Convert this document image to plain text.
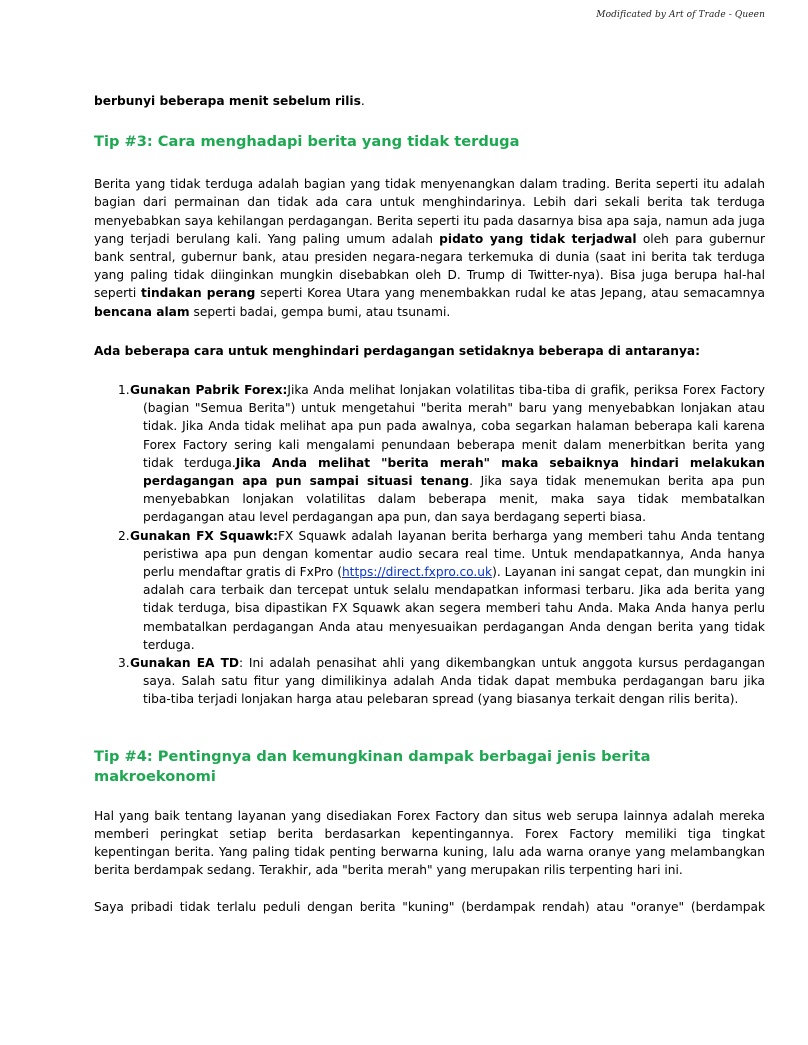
Modificated by Art of Trade - Queen

berbunyi beberapa menit sebelum rilis.

Tip #3: Cara menghadapi berita yang tidak terduga

Berita yang tidak terduga adalah bagian yang tidak menyenangkan dalam trading. Berita seperti itu adalah bagian dari permainan dan tidak ada cara untuk menghindarinya. Lebih dari sekali berita tak terduga menyebabkan saya kehilangan perdagangan. Berita seperti itu pada dasarnya bisa apa saja, namun ada juga yang terjadi berulang kali. Yang paling umum adalah pidato yang tidak terjadwal oleh para gubernur bank sentral, gubernur bank, atau presiden negara-negara terkemuka di dunia (saat ini berita tak terduga yang paling tidak diinginkan mungkin disebabkan oleh D. Trump di Twitter-nya). Bisa juga berupa hal-hal seperti tindakan perang seperti Korea Utara yang menembakkan rudal ke atas Jepang, atau semacamnya bencana alam seperti badai, gempa bumi, atau tsunami.

Ada beberapa cara untuk menghindari perdagangan setidaknya beberapa di antaranya:

1. Gunakan Pabrik Forex:Jika Anda melihat lonjakan volatilitas tiba-tiba di grafik, periksa Forex Factory (bagian "Semua Berita") untuk mengetahui "berita merah" baru yang menyebabkan lonjakan atau tidak. Jika Anda tidak melihat apa pun pada awalnya, coba segarkan halaman beberapa kali karena Forex Factory sering kali mengalami penundaan beberapa menit dalam menerbitkan berita yang tidak terduga.Jika Anda melihat "berita merah" maka sebaiknya hindari melakukan perdagangan apa pun sampai situasi tenang. Jika saya tidak menemukan berita apa pun menyebabkan lonjakan volatilitas dalam beberapa menit, maka saya tidak membatalkan perdagangan atau level perdagangan apa pun, dan saya berdagang seperti biasa.
2. Gunakan FX Squawk:FX Squawk adalah layanan berita berharga yang memberi tahu Anda tentang peristiwa apa pun dengan komentar audio secara real time. Untuk mendapatkannya, Anda hanya perlu mendaftar gratis di FxPro (https://direct.fxpro.co.uk). Layanan ini sangat cepat, dan mungkin ini adalah cara terbaik dan tercepat untuk selalu mendapatkan informasi terbaru. Jika ada berita yang tidak terduga, bisa dipastikan FX Squawk akan segera memberi tahu Anda. Maka Anda hanya perlu membatalkan perdagangan Anda atau menyesuaikan perdagangan Anda dengan berita yang tidak terduga.
3. Gunakan EA TD: Ini adalah penasihat ahli yang dikembangkan untuk anggota kursus perdagangan saya. Salah satu fitur yang dimilikinya adalah Anda tidak dapat membuka perdagangan baru jika tiba-tiba terjadi lonjakan harga atau pelebaran spread (yang biasanya terkait dengan rilis berita).
Tip #4: Pentingnya dan kemungkinan dampak berbagai jenis berita makroekonomi

Hal yang baik tentang layanan yang disediakan Forex Factory dan situs web serupa lainnya adalah mereka memberi peringkat setiap berita berdasarkan kepentingannya. Forex Factory memiliki tiga tingkat kepentingan berita. Yang paling tidak penting berwarna kuning, lalu ada warna oranye yang melambangkan berita berdampak sedang. Terakhir, ada "berita merah" yang merupakan rilis terpenting hari ini.

Saya pribadi tidak terlalu peduli dengan berita "kuning" (berdampak rendah) atau "oranye" (berdampak
